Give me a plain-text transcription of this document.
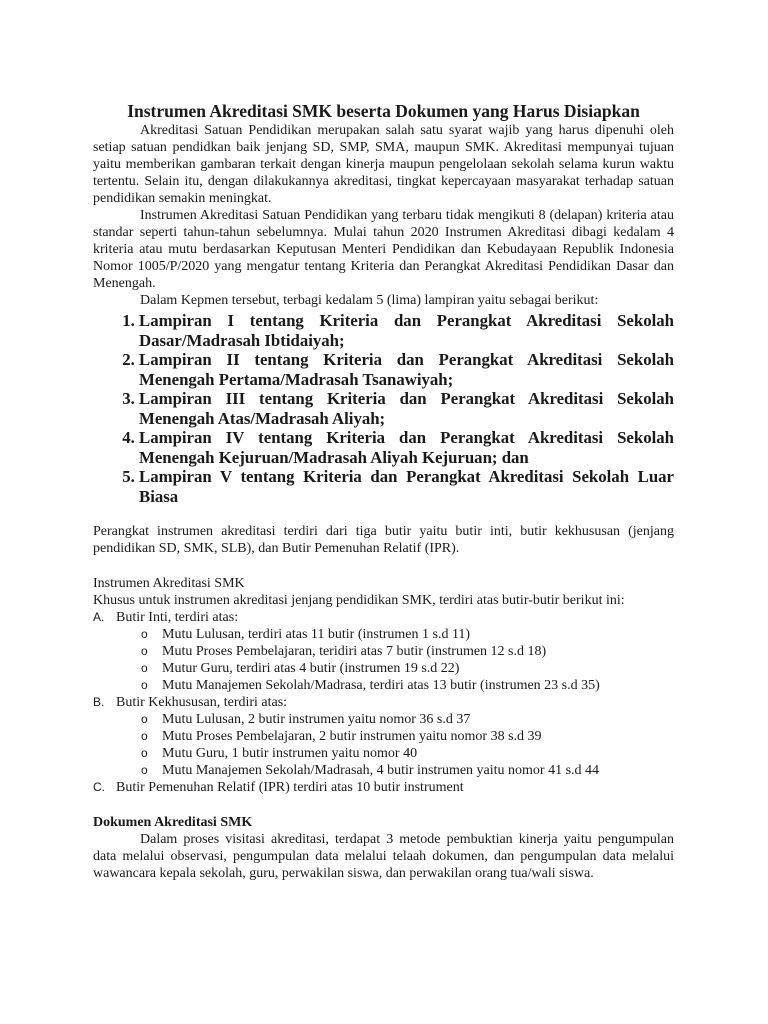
Instrumen Akreditasi SMK beserta Dokumen yang Harus Disiapkan

Akreditasi Satuan Pendidikan merupakan salah satu syarat wajib yang harus dipenuhi oleh setiap satuan pendidkan baik jenjang SD, SMP, SMA, maupun SMK. Akreditasi mempunyai tujuan yaitu memberikan gambaran terkait dengan kinerja maupun pengelolaan sekolah selama kurun waktu tertentu. Selain itu, dengan dilakukannya akreditasi, tingkat kepercayaan masyarakat terhadap satuan pendidikan semakin meningkat.

Instrumen Akreditasi Satuan Pendidikan yang terbaru tidak mengikuti 8 (delapan) kriteria atau standar seperti tahun-tahun sebelumnya. Mulai tahun 2020 Instrumen Akreditasi dibagi kedalam 4 kriteria atau mutu berdasarkan Keputusan Menteri Pendidikan dan Kebudayaan Republik Indonesia Nomor 1005/P/2020 yang mengatur tentang Kriteria dan Perangkat Akreditasi Pendidikan Dasar dan Menengah.

Dalam Kepmen tersebut, terbagi kedalam 5 (lima) lampiran yaitu sebagai berikut:

1. Lampiran I tentang Kriteria dan Perangkat Akreditasi Sekolah Dasar/Madrasah Ibtidaiyah;
2. Lampiran II tentang Kriteria dan Perangkat Akreditasi Sekolah Menengah Pertama/Madrasah Tsanawiyah;
3. Lampiran III tentang Kriteria dan Perangkat Akreditasi Sekolah Menengah Atas/Madrasah Aliyah;
4. Lampiran IV tentang Kriteria dan Perangkat Akreditasi Sekolah Menengah Kejuruan/Madrasah Aliyah Kejuruan; dan
5. Lampiran V tentang Kriteria dan Perangkat Akreditasi Sekolah Luar Biasa

Perangkat instrumen akreditasi terdiri dari tiga butir yaitu butir inti, butir kekhususan (jenjang pendidikan SD, SMK, SLB), dan Butir Pemenuhan Relatif (IPR).

Instrumen Akreditasi SMK

Khusus untuk instrumen akreditasi jenjang pendidikan SMK, terdiri atas butir-butir berikut ini:

A. Butir Inti, terdiri atas:
o Mutu Lulusan, terdiri atas 11 butir (instrumen 1 s.d 11)
o Mutu Proses Pembelajaran, teridiri atas 7 butir (instrumen 12 s.d 18)
o Mutur Guru, terdiri atas 4 butir (instrumen 19 s.d 22)
o Mutu Manajemen Sekolah/Madrasa, terdiri atas 13 butir (instrumen 23 s.d 35)
B. Butir Kekhususan, terdiri atas:
o Mutu Lulusan, 2 butir instrumen yaitu nomor 36 s.d 37
o Mutu Proses Pembelajaran, 2 butir instrumen yaitu nomor 38 s.d 39
o Mutu Guru, 1 butir instrumen yaitu nomor 40
o Mutu Manajemen Sekolah/Madrasah, 4 butir instrumen yaitu nomor 41 s.d 44
C. Butir Pemenuhan Relatif (IPR) terdiri atas 10 butir instrument

Dokumen Akreditasi SMK

Dalam proses visitasi akreditasi, terdapat 3 metode pembuktian kinerja yaitu pengumpulan data melalui observasi, pengumpulan data melalui telaah dokumen, dan pengumpulan data melalui wawancara kepala sekolah, guru, perwakilan siswa, dan perwakilan orang tua/wali siswa.
